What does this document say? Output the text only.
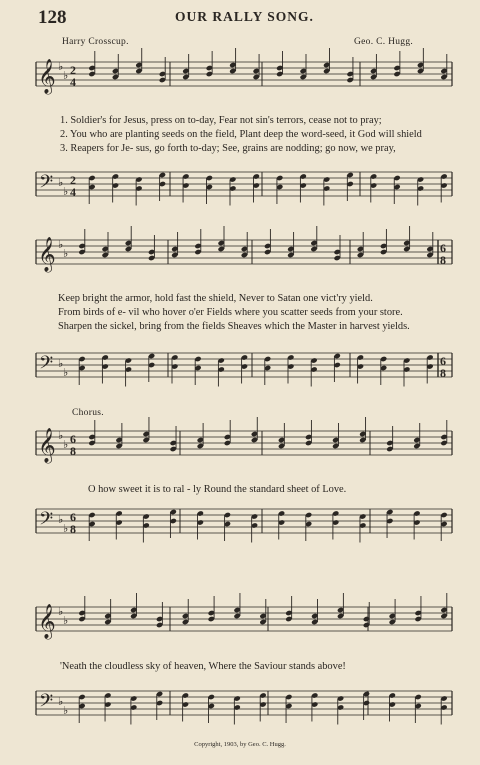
128	OUR RALLY SONG.
Harry Crosscup.	Geo. C. Hugg.
𝄞
𝄢
♭
♭
♭
♭
2
4
2
4
𝄞
𝄢
♭
♭
♭
♭
6
8
6
8
𝄞
𝄢
♭
♭
♭
♭
6
8
6
8
𝄞
𝄢
♭
♭
♭
♭
1. Soldier's for Jesus, press on to-day, Fear not sin's terrors, cease not to pray;
2. You who are planting seeds on the field, Plant deep the word-seed, it God will shield
3. Reapers for Je- sus, go forth to-day; See, grains are nodding; go now, we pray,
Keep bright the armor, hold fast the shield, Never to Satan one vict'ry yield.
From birds of e- vil who hover o'er Fields where you scatter seeds from your store.
Sharpen the sickel, bring from the fields Sheaves which the Master in harvest yields.
Chorus.
O how sweet it is to ral - ly Round the standard sheet of Love.
'Neath the cloudless sky of heaven, Where the Saviour stands above!
Copyright, 1903, by Geo. C. Hugg.
